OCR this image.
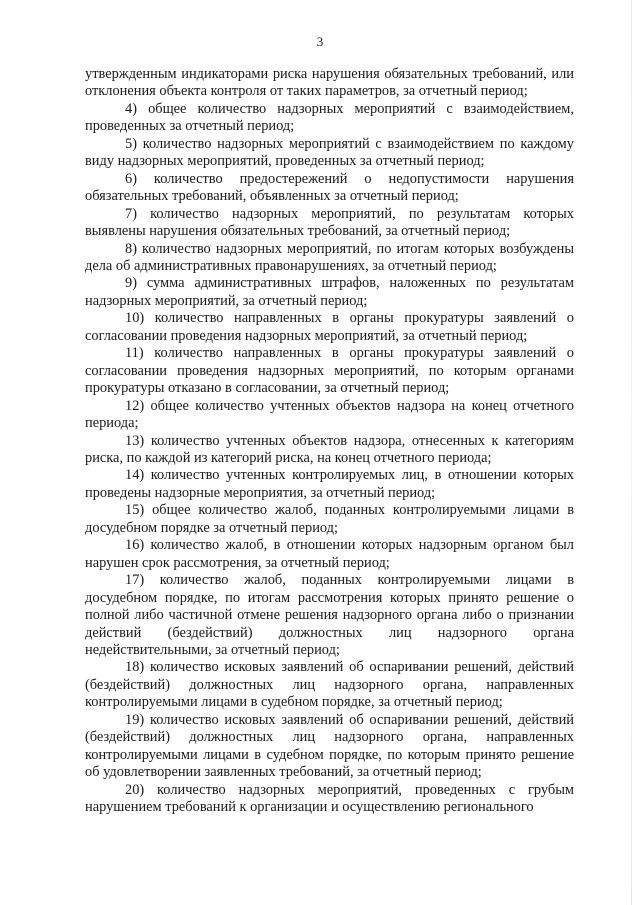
3

утвержденным индикаторами риска нарушения обязательных требований, или отклонения объекта контроля от таких параметров, за отчетный период;

4) общее количество надзорных мероприятий с взаимодействием, проведенных за отчетный период;

5) количество надзорных мероприятий с взаимодействием по каждому виду надзорных мероприятий, проведенных за отчетный период;

6) количество предостережений о недопустимости нарушения обязательных требований, объявленных за отчетный период;

7) количество надзорных мероприятий, по результатам которых выявлены нарушения обязательных требований, за отчетный период;

8) количество надзорных мероприятий, по итогам которых возбуждены дела об административных правонарушениях, за отчетный период;

9) сумма административных штрафов, наложенных по результатам надзорных мероприятий, за отчетный период;

10) количество направленных в органы прокуратуры заявлений о согласовании проведения надзорных мероприятий, за отчетный период;

11) количество направленных в органы прокуратуры заявлений о согласовании проведения надзорных мероприятий, по которым органами прокуратуры отказано в согласовании, за отчетный период;

12) общее количество учтенных объектов надзора на конец отчетного периода;

13) количество учтенных объектов надзора, отнесенных к категориям риска, по каждой из категорий риска, на конец отчетного периода;

14) количество учтенных контролируемых лиц, в отношении которых проведены надзорные мероприятия, за отчетный период;

15) общее количество жалоб, поданных контролируемыми лицами в досудебном порядке за отчетный период;

16) количество жалоб, в отношении которых надзорным органом был нарушен срок рассмотрения, за отчетный период;

17) количество жалоб, поданных контролируемыми лицами в досудебном порядке, по итогам рассмотрения которых принято решение о полной либо частичной отмене решения надзорного органа либо о признании действий (бездействий) должностных лиц надзорного органа недействительными, за отчетный период;

18) количество исковых заявлений об оспаривании решений, действий (бездействий) должностных лиц надзорного органа, направленных контролируемыми лицами в судебном порядке, за отчетный период;

19) количество исковых заявлений об оспаривании решений, действий (бездействий) должностных лиц надзорного органа, направленных контролируемыми лицами в судебном порядке, по которым принято решение об удовлетворении заявленных требований, за отчетный период;

20) количество надзорных мероприятий, проведенных с грубым нарушением требований к организации и осуществлению регионального
